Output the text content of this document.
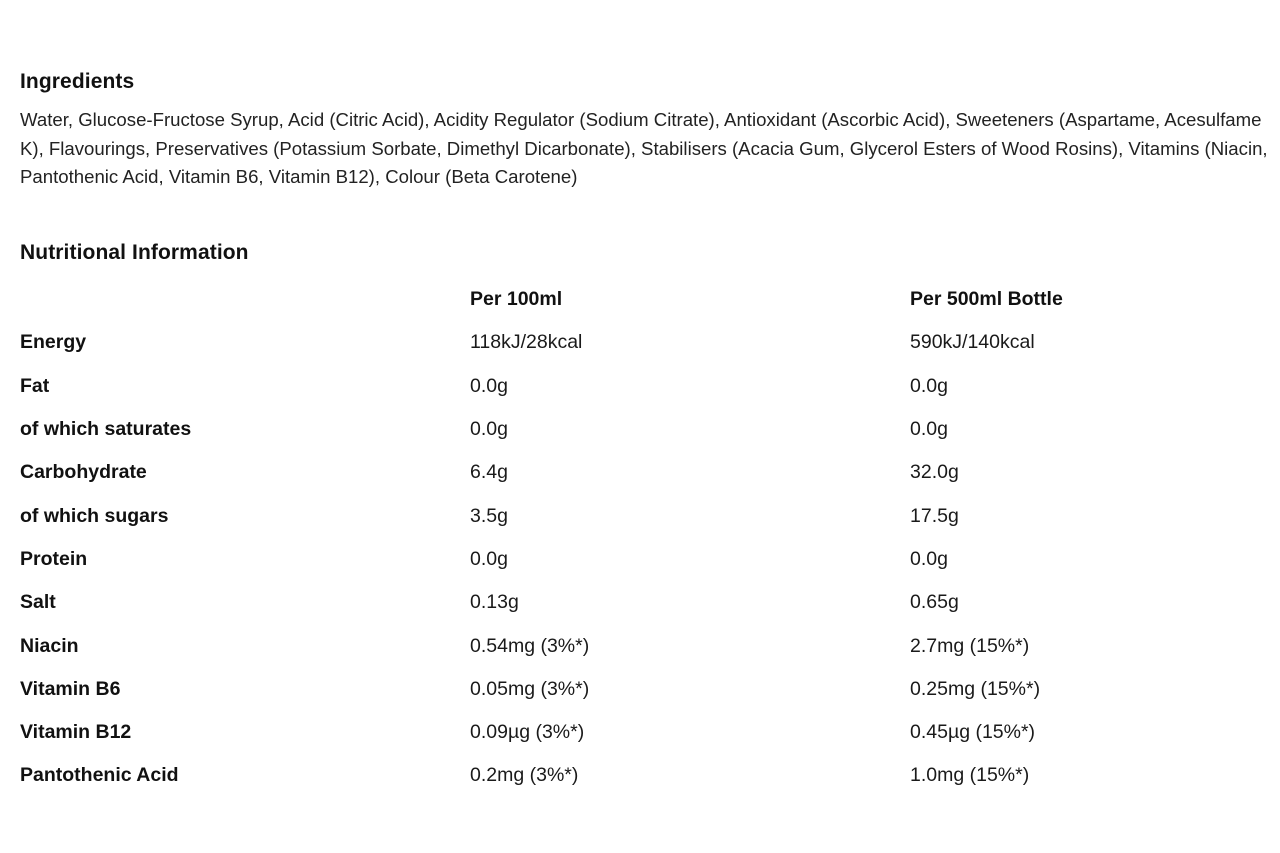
Ingredients
Water, Glucose-Fructose Syrup, Acid (Citric Acid), Acidity Regulator (Sodium Citrate), Antioxidant (Ascorbic Acid), Sweeteners (Aspartame, Acesulfame K), Flavourings, Preservatives (Potassium Sorbate, Dimethyl Dicarbonate), Stabilisers (Acacia Gum, Glycerol Esters of Wood Rosins), Vitamins (Niacin, Pantothenic Acid, Vitamin B6, Vitamin B12), Colour (Beta Carotene)
Nutritional Information
	Per 100ml	Per 500ml Bottle
Energy	118kJ/28kcal	590kJ/140kcal
Fat	0.0g	0.0g
of which saturates	0.0g	0.0g
Carbohydrate	6.4g	32.0g
of which sugars	3.5g	17.5g
Protein	0.0g	0.0g
Salt	0.13g	0.65g
Niacin	0.54mg (3%*)	2.7mg (15%*)
Vitamin B6	0.05mg (3%*)	0.25mg (15%*)
Vitamin B12	0.09µg (3%*)	0.45µg (15%*)
Pantothenic Acid	0.2mg (3%*)	1.0mg (15%*)
